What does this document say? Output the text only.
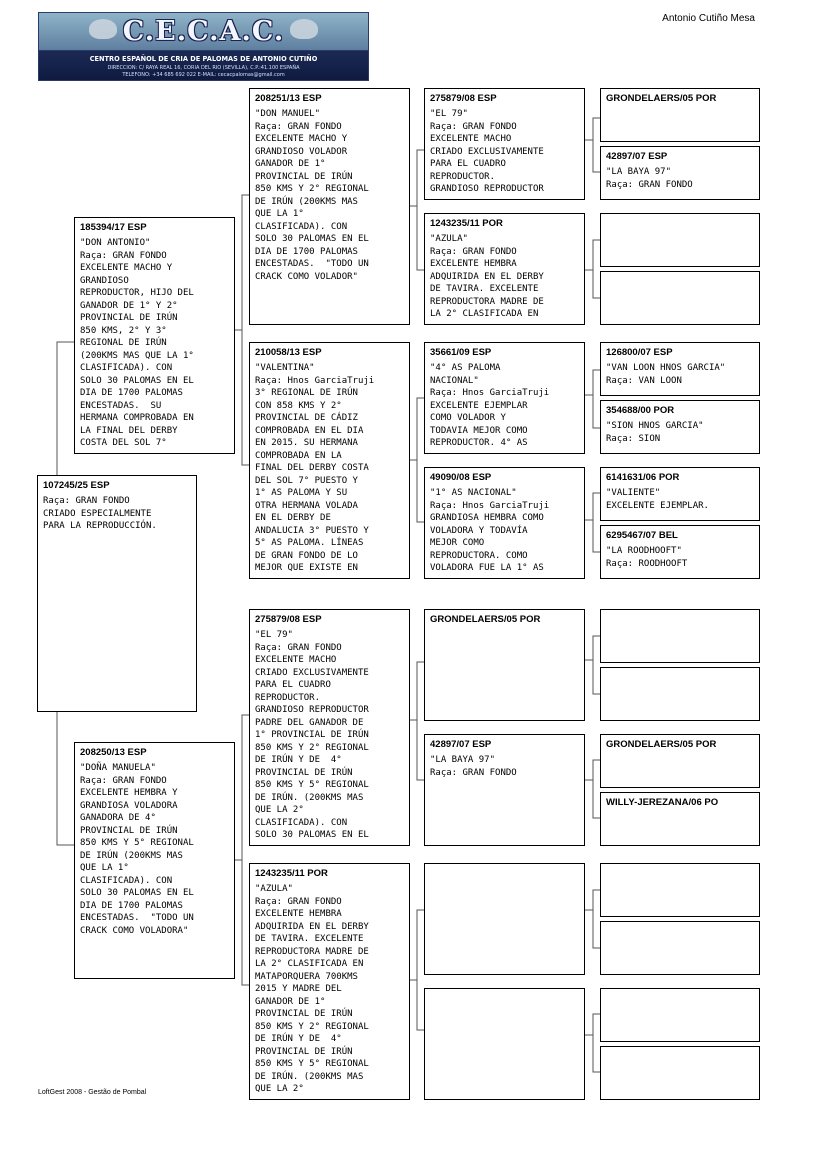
C.E.C.A.C.
CENTRO ESPAÑOL DE CRIA DE PALOMAS DE ANTONIO CUTIÑO
DIRECCION: C/ RAYA REAL 16, CORIA DEL RIO (SEVILLA), C.P.:41.100 ESPAÑA
TELEFONO: +34 685 692 022 E-MAIL: cecacpalomas@gmail.com
Antonio Cutiño Mesa
107245/25 ESP
Raça: GRAN FONDO
CRIADO ESPECIALMENTE
PARA LA REPRODUCCIÓN.
185394/17 ESP
"DON ANTONIO"
Raça: GRAN FONDO
EXCELENTE MACHO Y
GRANDIOSO
REPRODUCTOR, HIJO DEL
GANADOR DE 1° Y 2°
PROVINCIAL DE IRÚN
850 KMS, 2° Y 3°
REGIONAL DE IRÚN
(200KMS MAS QUE LA 1°
CLASIFICADA). CON
SOLO 30 PALOMAS EN EL
DIA DE 1700 PALOMAS
ENCESTADAS.  SU
HERMANA COMPROBADA EN
LA FINAL DEL DERBY
COSTA DEL SOL 7°
208250/13 ESP
"DOÑA MANUELA"
Raça: GRAN FONDO
EXCELENTE HEMBRA Y
GRANDIOSA VOLADORA
GANADORA DE 4°
PROVINCIAL DE IRÚN
850 KMS Y 5° REGIONAL
DE IRÚN (200KMS MAS
QUE LA 1°
CLASIFICADA). CON
SOLO 30 PALOMAS EN EL
DIA DE 1700 PALOMAS
ENCESTADAS.  "TODO UN
CRACK COMO VOLADORA"
208251/13 ESP
"DON MANUEL"
Raça: GRAN FONDO
EXCELENTE MACHO Y
GRANDIOSO VOLADOR
GANADOR DE 1°
PROVINCIAL DE IRÚN
850 KMS Y 2° REGIONAL
DE IRÚN (200KMS MAS
QUE LA 1°
CLASIFICADA). CON
SOLO 30 PALOMAS EN EL
DIA DE 1700 PALOMAS
ENCESTADAS.  "TODO UN
CRACK COMO VOLADOR"
210058/13 ESP
"VALENTINA"
Raça: Hnos GarciaTruji
3° REGIONAL DE IRÚN
CON 858 KMS Y 2°
PROVINCIAL DE CÁDIZ
COMPROBADA EN EL DIA
EN 2015. SU HERMANA
COMPROBADA EN LA
FINAL DEL DERBY COSTA
DEL SOL 7° PUESTO Y
1° AS PALOMA Y SU
OTRA HERMANA VOLADA
EN EL DERBY DE
ANDALUCIA 3° PUESTO Y
5° AS PALOMA. LÍNEAS
DE GRAN FONDO DE LO
MEJOR QUE EXISTE EN
275879/08 ESP
"EL 79"
Raça: GRAN FONDO
EXCELENTE MACHO
CRIADO EXCLUSIVAMENTE
PARA EL CUADRO
REPRODUCTOR.
GRANDIOSO REPRODUCTOR
PADRE DEL GANADOR DE
1° PROVINCIAL DE IRÚN
850 KMS Y 2° REGIONAL
DE IRÚN Y DE  4°
PROVINCIAL DE IRÚN
850 KMS Y 5° REGIONAL
DE IRÚN. (200KMS MAS
QUE LA 2°
CLASIFICADA). CON
SOLO 30 PALOMAS EN EL
1243235/11 POR
"AZULA"
Raça: GRAN FONDO
EXCELENTE HEMBRA
ADQUIRIDA EN EL DERBY
DE TAVIRA. EXCELENTE
REPRODUCTORA MADRE DE
LA 2° CLASIFICADA EN
MATAPORQUERA 700KMS
2015 Y MADRE DEL
GANADOR DE 1°
PROVINCIAL DE IRÚN
850 KMS Y 2° REGIONAL
DE IRÚN Y DE  4°
PROVINCIAL DE IRÚN
850 KMS Y 5° REGIONAL
DE IRÚN. (200KMS MAS
QUE LA 2°
275879/08 ESP
"EL 79"
Raça: GRAN FONDO
EXCELENTE MACHO
CRIADO EXCLUSIVAMENTE
PARA EL CUADRO
REPRODUCTOR.
GRANDIOSO REPRODUCTOR
1243235/11 POR
"AZULA"
Raça: GRAN FONDO
EXCELENTE HEMBRA
ADQUIRIDA EN EL DERBY
DE TAVIRA. EXCELENTE
REPRODUCTORA MADRE DE
LA 2° CLASIFICADA EN
35661/09 ESP
"4° AS PALOMA
NACIONAL"
Raça: Hnos GarciaTruji
EXCELENTE EJEMPLAR
COMO VOLADOR Y
TODAVIA MEJOR COMO
REPRODUCTOR. 4° AS
49090/08 ESP
"1° AS NACIONAL"
Raça: Hnos GarciaTruji
GRANDIOSA HEMBRA COMO
VOLADORA Y TODAVÍA
MEJOR COMO
REPRODUCTORA. COMO
VOLADORA FUE LA 1° AS
GRONDELAERS/05 POR
42897/07 ESP
"LA BAYA 97"
Raça: GRAN FONDO
GRONDELAERS/05 POR
42897/07 ESP
"LA BAYA 97"
Raça: GRAN FONDO
126800/07 ESP
"VAN LOON HNOS GARCIA"
Raça: VAN LOON
354688/00 POR
"SION HNOS GARCIA"
Raça: SION
6141631/06 POR
"VALIENTE"
EXCELENTE EJEMPLAR.
6295467/07 BEL
"LA ROODHOOFT"
Raça: ROODHOOFT
GRONDELAERS/05 POR
WILLY-JEREZANA/06 PO
LoftGest 2008 - Gestão de Pombal
